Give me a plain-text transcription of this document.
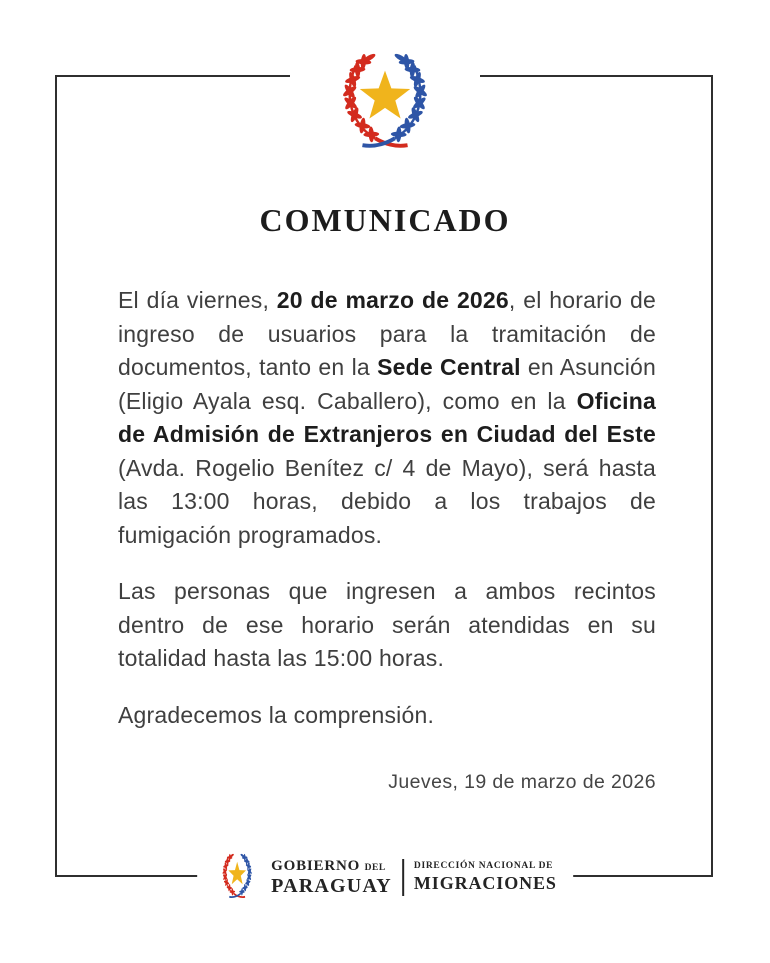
COMUNICADO

El día viernes, 20 de marzo de 2026, el horario de ingreso de usuarios para la tramitación de documentos, tanto en la Sede Central en Asunción (Eligio Ayala esq. Caballero), como en la Oficina de Admisión de Extranjeros en Ciudad del Este (Avda. Rogelio Benítez c/ 4 de Mayo), será hasta las 13:00 horas, debido a los trabajos de fumigación programados.

Las personas que ingresen a ambos recintos dentro de ese horario serán atendidas en su totalidad hasta las 15:00 horas.

Agradecemos la comprensión.

Jueves, 19 de marzo de 2026
GOBIERNO DEL
PARAGUAY
DIRECCIÓN NACIONAL DE
MIGRACIONES
